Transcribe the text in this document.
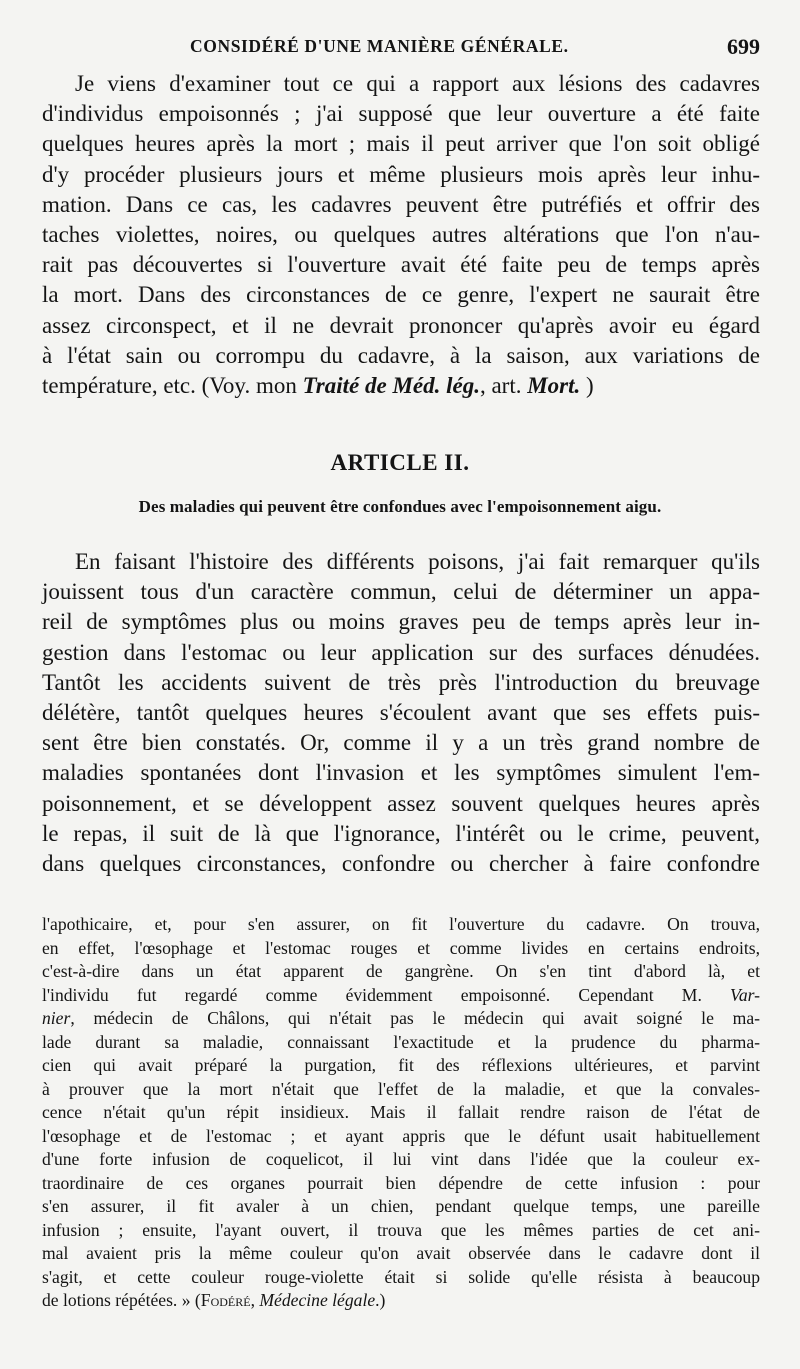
CONSIDÉRÉ D'UNE MANIÈRE GÉNÉRALE.	699
Je viens d'examiner tout ce qui a rapport aux lésions des cadavres
d'individus empoisonnés ; j'ai supposé que leur ouverture a été faite
quelques heures après la mort ; mais il peut arriver que l'on soit obligé
d'y procéder plusieurs jours et même plusieurs mois après leur inhu-
mation. Dans ce cas, les cadavres peuvent être putréfiés et offrir des
taches violettes, noires, ou quelques autres altérations que l'on n'au-
rait pas découvertes si l'ouverture avait été faite peu de temps après
la mort. Dans des circonstances de ce genre, l'expert ne saurait être
assez circonspect, et il ne devrait prononcer qu'après avoir eu égard
à l'état sain ou corrompu du cadavre, à la saison, aux variations de
température, etc. (Voy. mon Traité de Méd. lég., art. Mort. )
ARTICLE II.
Des maladies qui peuvent être confondues avec l'empoisonnement aigu.
En faisant l'histoire des différents poisons, j'ai fait remarquer qu'ils
jouissent tous d'un caractère commun, celui de déterminer un appa-
reil de symptômes plus ou moins graves peu de temps après leur in-
gestion dans l'estomac ou leur application sur des surfaces dénudées.
Tantôt les accidents suivent de très près l'introduction du breuvage
délétère, tantôt quelques heures s'écoulent avant que ses effets puis-
sent être bien constatés. Or, comme il y a un très grand nombre de
maladies spontanées dont l'invasion et les symptômes simulent l'em-
poisonnement, et se développent assez souvent quelques heures après
le repas, il suit de là que l'ignorance, l'intérêt ou le crime, peuvent,
dans quelques circonstances, confondre ou chercher à faire confondre
l'apothicaire, et, pour s'en assurer, on fit l'ouverture du cadavre. On trouva,
en effet, l'œsophage et l'estomac rouges et comme livides en certains endroits,
c'est-à-dire dans un état apparent de gangrène. On s'en tint d'abord là, et
l'individu fut regardé comme évidemment empoisonné. Cependant M. Var-
nier, médecin de Châlons, qui n'était pas le médecin qui avait soigné le ma-
lade durant sa maladie, connaissant l'exactitude et la prudence du pharma-
cien qui avait préparé la purgation, fit des réflexions ultérieures, et parvint
à prouver que la mort n'était que l'effet de la maladie, et que la convales-
cence n'était qu'un répit insidieux. Mais il fallait rendre raison de l'état de
l'œsophage et de l'estomac ; et ayant appris que le défunt usait habituellement
d'une forte infusion de coquelicot, il lui vint dans l'idée que la couleur ex-
traordinaire de ces organes pourrait bien dépendre de cette infusion : pour
s'en assurer, il fit avaler à un chien, pendant quelque temps, une pareille
infusion ; ensuite, l'ayant ouvert, il trouva que les mêmes parties de cet ani-
mal avaient pris la même couleur qu'on avait observée dans le cadavre dont il
s'agit, et cette couleur rouge-violette était si solide qu'elle résista à beaucoup
de lotions répétées. » (Fodéré, Médecine légale.)
